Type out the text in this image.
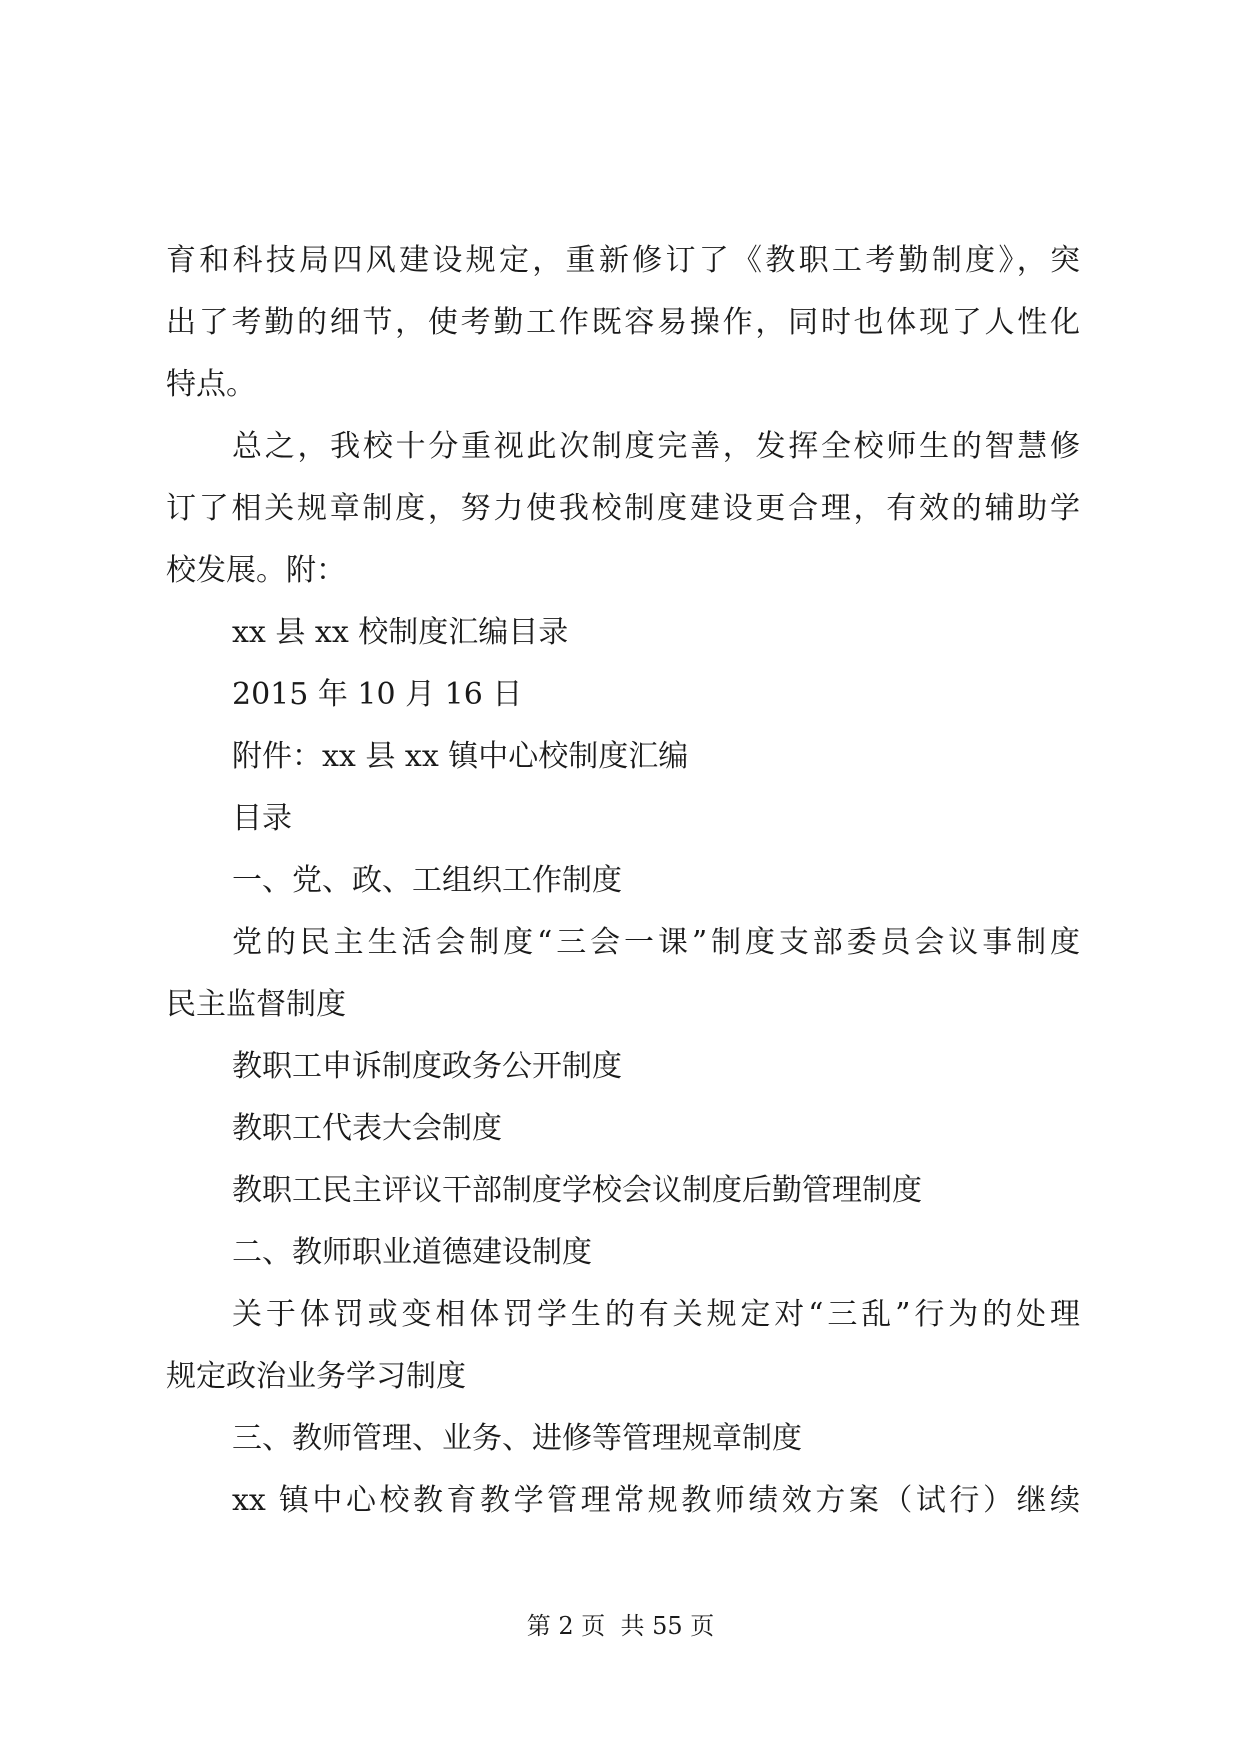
育和科技局四风建设规定，重新修订了《教职工考勤制度》，突
出了考勤的细节，使考勤工作既容易操作，同时也体现了人性化
特点。
总之，我校十分重视此次制度完善，发挥全校师生的智慧修
订了相关规章制度，努力使我校制度建设更合理，有效的辅助学
校发展。附：
xx 县 xx 校制度汇编目录
2015 年 10 月 16 日
附件：xx 县 xx 镇中心校制度汇编
目录
一、党、政、工组织工作制度
党的民主生活会制度“三会一课”制度支部委员会议事制度
民主监督制度
教职工申诉制度政务公开制度
教职工代表大会制度
教职工民主评议干部制度学校会议制度后勤管理制度
二、教师职业道德建设制度
关于体罚或变相体罚学生的有关规定对“三乱”行为的处理
规定政治业务学习制度
三、教师管理、业务、进修等管理规章制度
xx 镇中心校教育教学管理常规教师绩效方案（试行）继续
第 2 页  共 55 页
